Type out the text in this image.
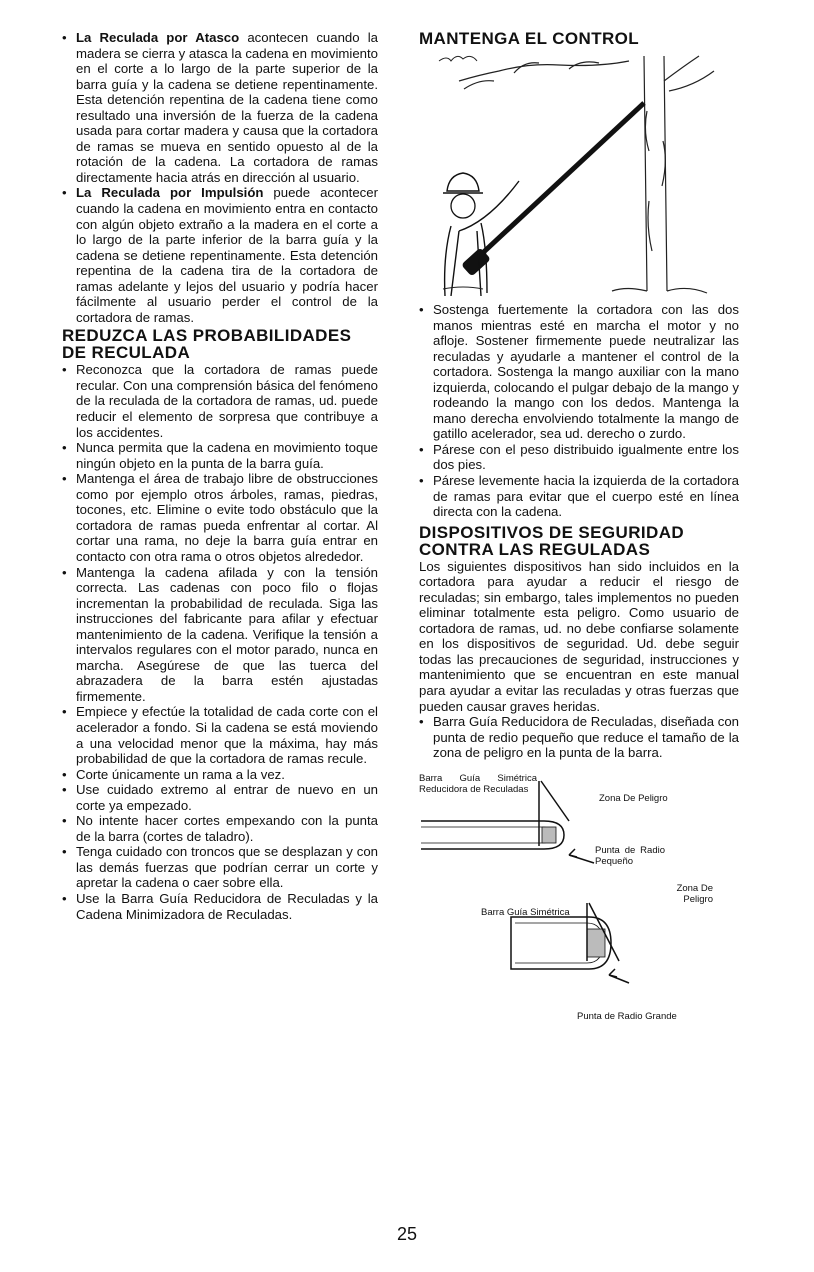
• La Reculada por Atasco acontecen cuando la madera se cierra y atasca la cadena en movimiento en el corte a lo largo de la parte superior de la barra guía y la cadena se detiene repentinamente. Esta detención repentina de la cadena tiene como resultado una inversión de la fuerza de la cadena usada para cortar madera y causa que la cortadora de ramas se mueva en sentido opuesto al de la rotación de la cadena. La cortadora de ramas directamente hacia atrás en dirección al usuario.
• La Reculada por Impulsión puede acontecer cuando la cadena en movimiento entra en contacto con algún objeto extraño a la madera en el corte a lo largo de la parte inferior de la barra guía y la cadena se detiene repentinamente. Esta detención repentina de la cadena tira de la cortadora de ramas adelante y lejos del usuario y podría hacer fácilmente al usuario perder el control de la cortadora de ramas.
REDUZCA LAS PROBABILIDADES DE RECULADA
• Reconozca que la cortadora de ramas puede recular. Con una comprensión básica del fenómeno de la reculada de la cortadora de ramas, ud. puede reducir el elemento de sorpresa que contribuye a los accidentes.
• Nunca permita que la cadena en movimiento toque ningún objeto en la punta de la barra guía.
• Mantenga el área de trabajo libre de obstrucciones como por ejemplo otros árboles, ramas, piedras, tocones, etc. Elimine o evite todo obstáculo que la cortadora de ramas pueda enfrentar al cortar. Al cortar una rama, no deje la barra guía entrar en contacto con otra rama o otros objetos alrededor.
• Mantenga la cadena afilada y con la tensión correcta. Las cadenas con poco filo o flojas incrementan la probabilidad de reculada. Siga las instrucciones del fabricante para afilar y efectuar mantenimiento de la cadena. Verifique la tensión a intervalos regulares con el motor parado, nunca en marcha. Asegúrese de que las tuerca del abrazadera de la barra estén ajustadas firmemente.
• Empiece y efectúe la totalidad de cada corte con el acelerador a fondo. Si la cadena se está moviendo a una velocidad menor que la máxima, hay más probabilidad de que la cortadora de ramas recule.
• Corte únicamente un rama a la vez.
• Use cuidado extremo al entrar de nuevo en un corte ya empezado.
• No intente hacer cortes empexando con la punta de la barra (cortes de taladro).
• Tenga cuidado con troncos que se desplazan y con las demás fuerzas que podrían cerrar un corte y apretar la cadena o caer sobre ella.
• Use la Barra Guía Reducidora de Reculadas y la Cadena Minimizadora de Reculadas.
MANTENGA EL CONTROL
• Sostenga fuertemente la cortadora con las dos manos mientras esté en marcha el motor y no afloje. Sostener firmemente puede neutralizar las reculadas y ayudarle a mantener el control de la cortadora. Sostenga la mango auxiliar con la mano izquierda, colocando el pulgar debajo de la mango y rodeando la mango con los dedos. Mantenga la mano derecha envolviendo totalmente la mango de gatillo acelerador, sea ud. derecho o zurdo.
• Párese con el peso distribuido igualmente entre los dos pies.
• Párese levemente hacia la izquierda de la cortadora de ramas para evitar que el cuerpo esté en línea directa con la cadena.
DISPOSITIVOS DE SEGURIDAD CONTRA LAS REGULADAS

Los siguientes dispositivos han sido incluidos en la cortadora para ayudar a reducir el riesgo de reculadas; sin embargo, tales implementos no pueden eliminar totalmente esta peligro. Como usuario de cortadora de ramas, ud. no debe confiarse solamente en los dispositivos de seguridad. Ud. debe seguir todas las precauciones de seguridad, instrucciones y mantenimiento que se encuentran en este manual para ayudar a evitar las reculadas y otras fuerzas que pueden causar graves heridas.

• Barra Guía Reducidora de Reculadas, diseñada con punta de redio pequeño que reduce el tamaño de la zona de peligro en la punta de la barra.
Barra Guía Simétrica Reducidora de Reculadas
Zona De Peligro
Punta de Radio Pequeño
Barra Guía Simétrica
Zona De Peligro
Punta de Radio Grande
25
